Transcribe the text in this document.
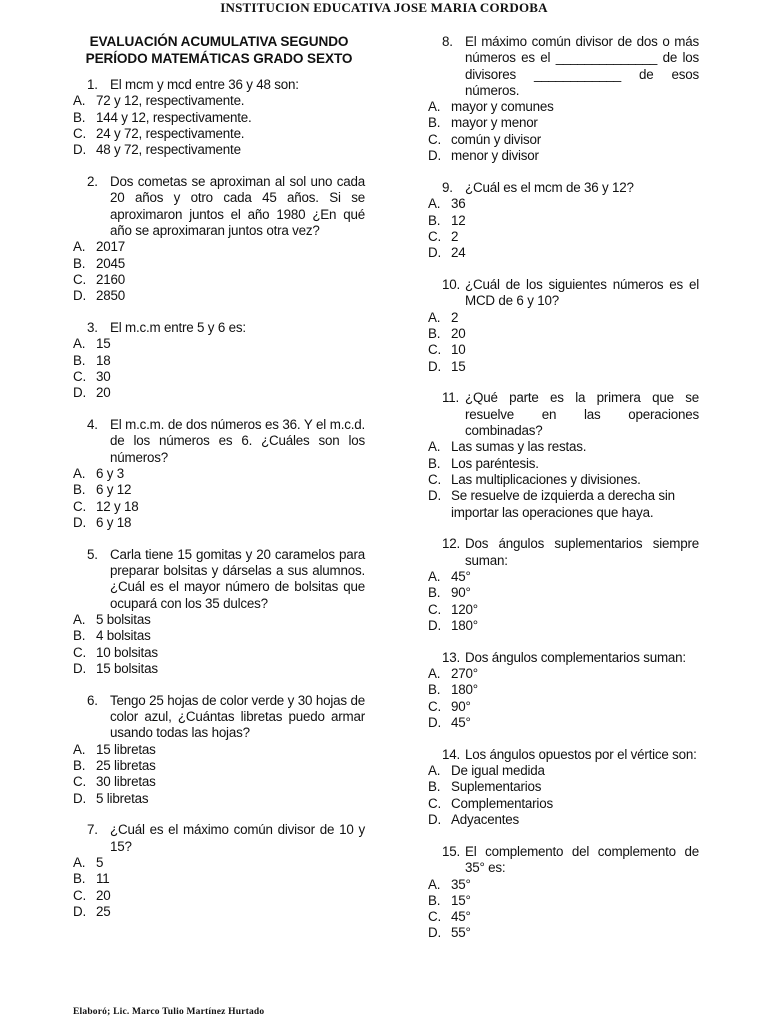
INSTITUCION EDUCATIVA JOSE MARIA CORDOBA
EVALUACIÓN ACUMULATIVA SEGUNDO
PERÍODO MATEMÁTICAS GRADO SEXTO
1. El mcm y mcd entre 36 y 48 son:
A. 72 y 12, respectivamente.
B. 144 y 12, respectivamente.
C. 24 y 72, respectivamente.
D. 48 y 72, respectivamente
2. Dos cometas se aproximan al sol uno cada 20 años y otro cada 45 años. Si se aproximaron juntos el año 1980 ¿En qué año se aproximaran juntos otra vez?
A. 2017
B. 2045
C. 2160
D. 2850
3. El m.c.m entre 5 y 6 es:
A. 15
B. 18
C. 30
D. 20
4. El m.c.m. de dos números es 36. Y el m.c.d. de los números es 6. ¿Cuáles son los números?
A. 6 y 3
B. 6 y 12
C. 12 y 18
D. 6 y 18
5. Carla tiene 15 gomitas y 20 caramelos para preparar bolsitas y dárselas a sus alumnos. ¿Cuál es el mayor número de bolsitas que ocupará con los 35 dulces?
A. 5 bolsitas
B. 4 bolsitas
C. 10 bolsitas
D. 15 bolsitas
6. Tengo 25 hojas de color verde y 30 hojas de color azul, ¿Cuántas libretas puedo armar usando todas las hojas?
A. 15 libretas
B. 25 libretas
C. 30 libretas
D. 5 libretas
7. ¿Cuál es el máximo común divisor de 10 y 15?
A. 5
B. 11
C. 20
D. 25
8. El máximo común divisor de dos o más números es el ______________ de los divisores ____________ de esos números.
A. mayor y comunes
B. mayor y menor
C. común y divisor
D. menor y divisor
9. ¿Cuál es el mcm de 36 y 12?
A. 36
B. 12
C. 2
D. 24
10. ¿Cuál de los siguientes números es el MCD de 6 y 10?
A. 2
B. 20
C. 10
D. 15
11. ¿Qué parte es la primera que se resuelve en las operaciones combinadas?
A. Las sumas y las restas.
B. Los paréntesis.
C. Las multiplicaciones y divisiones.
D. Se resuelve de izquierda a derecha sin importar las operaciones que haya.
12. Dos ángulos suplementarios siempre suman:
A. 45°
B. 90°
C. 120°
D. 180°
13. Dos ángulos complementarios suman:
A. 270°
B. 180°
C. 90°
D. 45°
14. Los ángulos opuestos por el vértice son:
A. De igual medida
B. Suplementarios
C. Complementarios
D. Adyacentes
15. El complemento del complemento de 35° es:
A. 35°
B. 15°
C. 45°
D. 55°
Elaboró; Lic. Marco Tulio Martínez Hurtado
